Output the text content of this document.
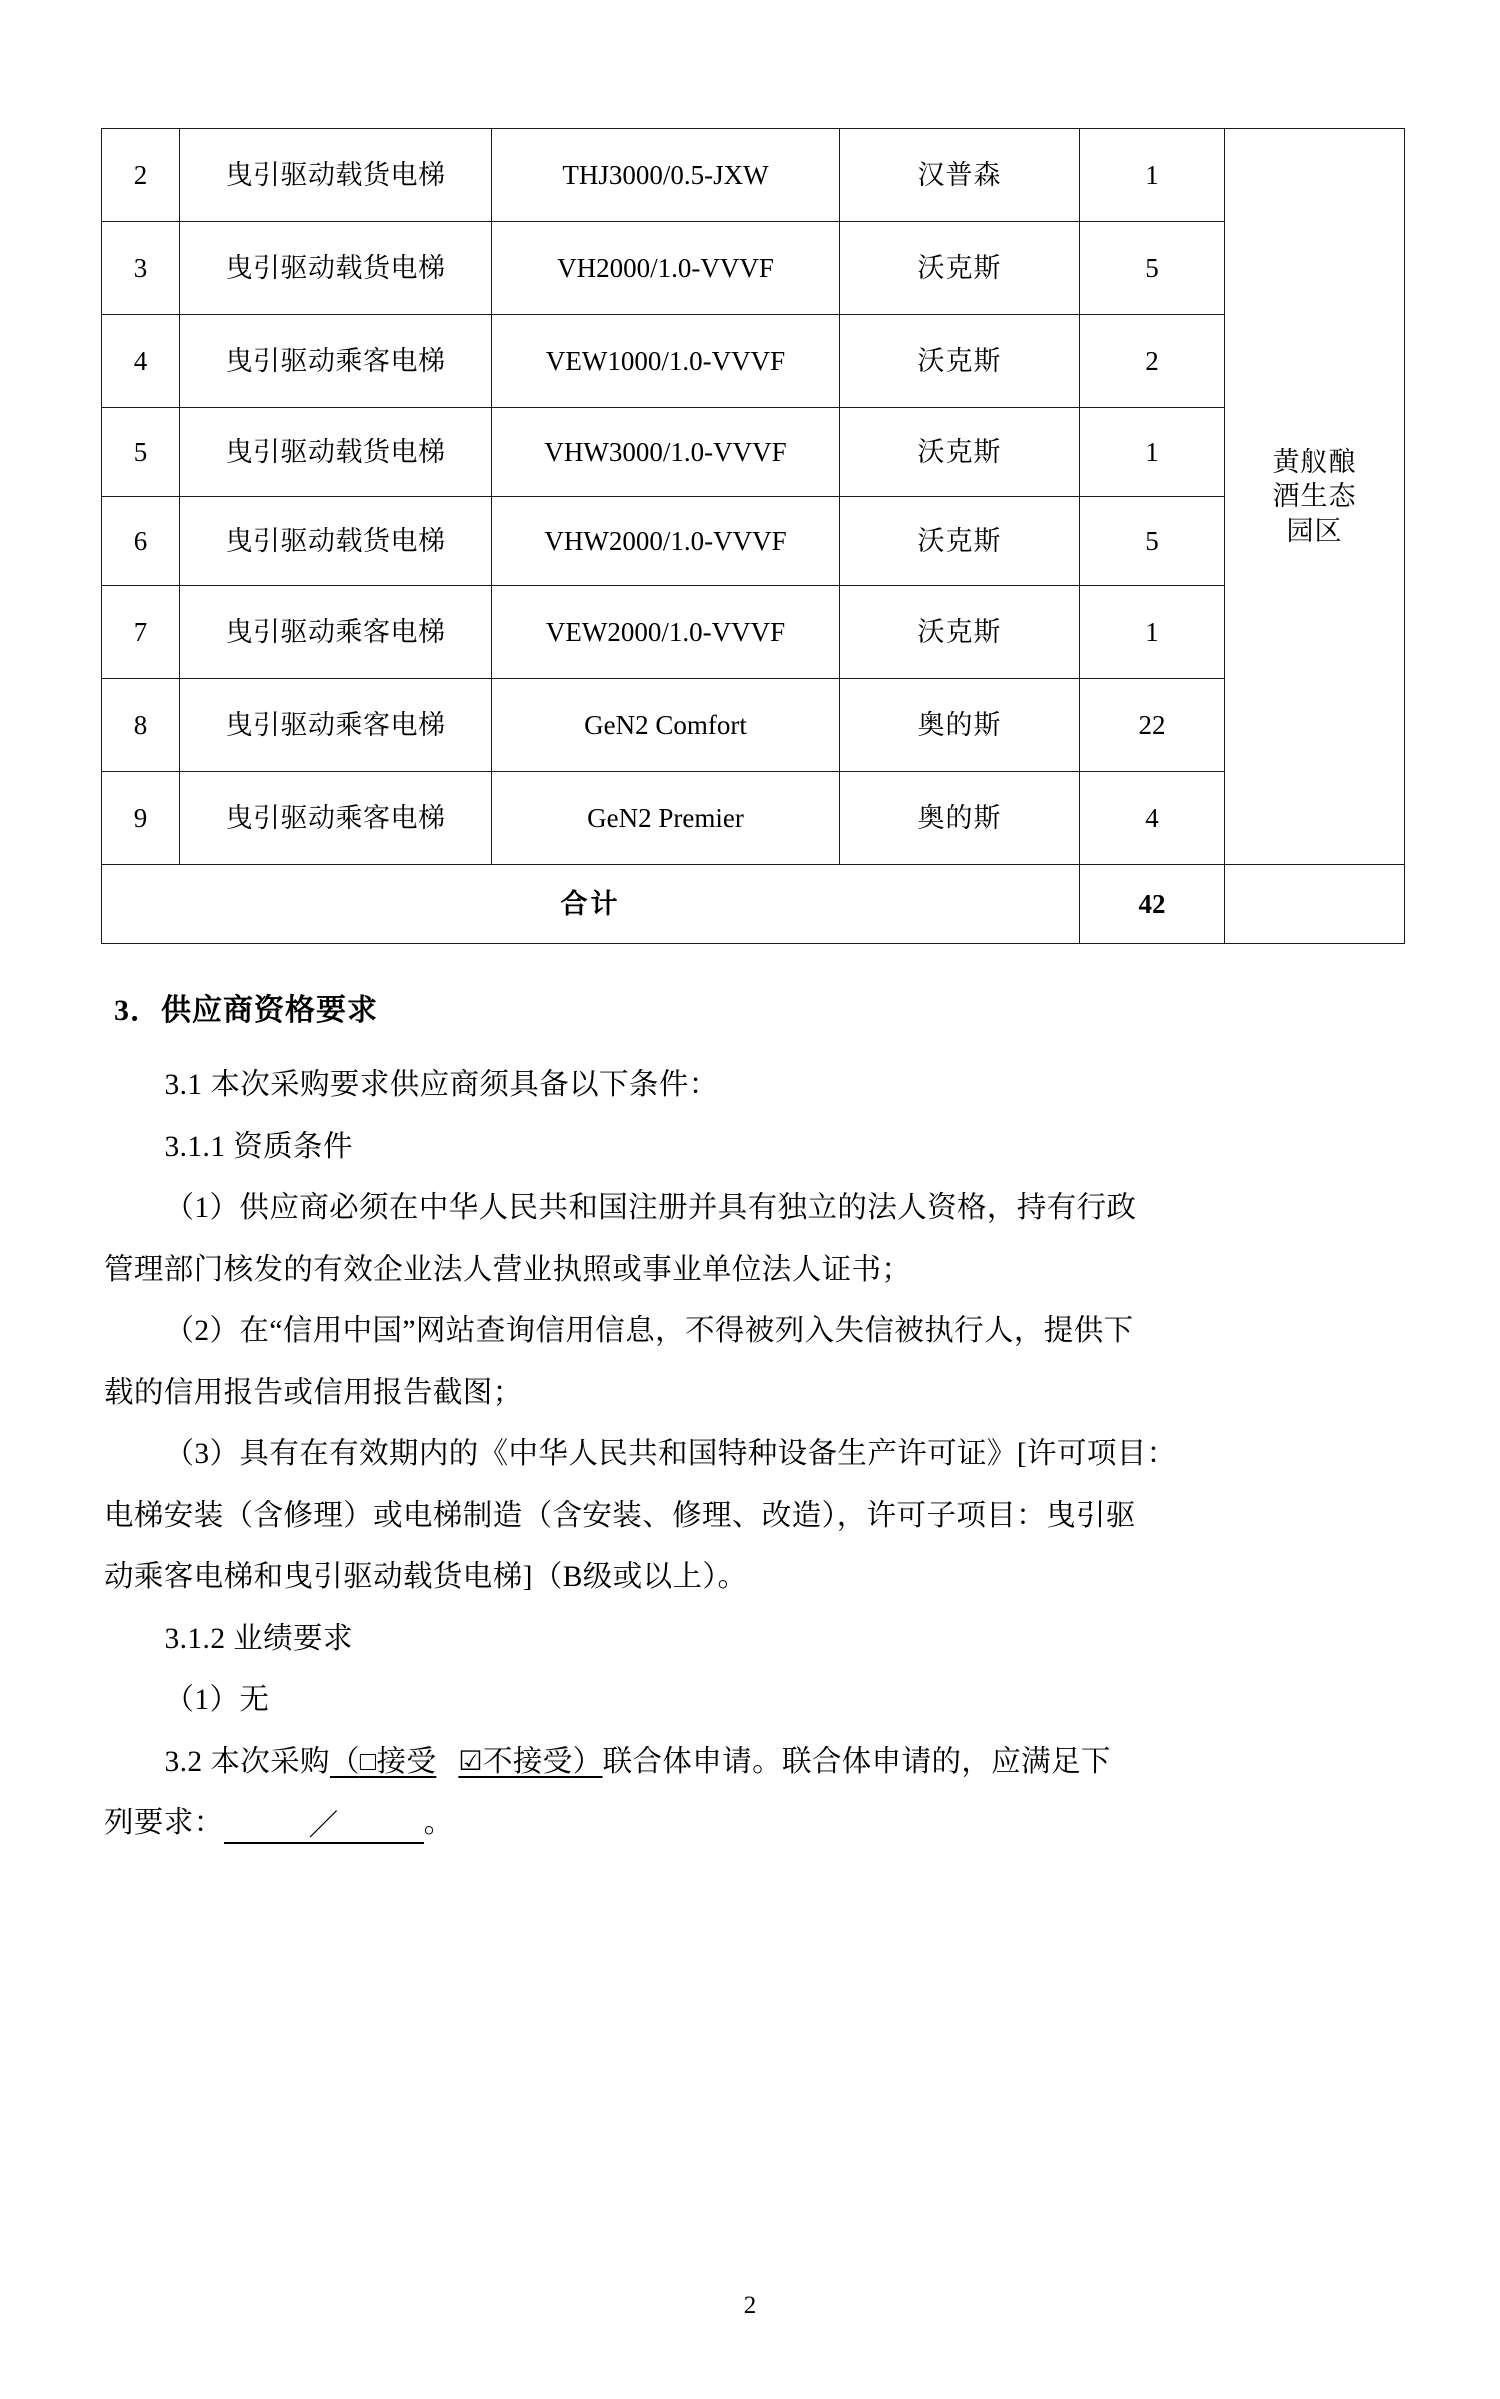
2	曳引驱动载货电梯	THJ3000/0.5-JXW	汉普森	1	黄舣酿
酒生态
园区

3	曳引驱动载货电梯	VH2000/1.0-VVVF	沃克斯	5	
4	曳引驱动乘客电梯	VEW1000/1.0-VVVF	沃克斯	2	
5	曳引驱动载货电梯	VHW3000/1.0-VVVF	沃克斯	1	
6	曳引驱动载货电梯	VHW2000/1.0-VVVF	沃克斯	5	
7	曳引驱动乘客电梯	VEW2000/1.0-VVVF	沃克斯	1	
8	曳引驱动乘客电梯	GeN2 Comfort	奥的斯	22	
9	曳引驱动乘客电梯	GeN2 Premier	奥的斯	4	
合计				42	
3．供应商资格要求

3.1 本次采购要求供应商须具备以下条件：

3.1.1 资质条件

（1）供应商必须在中华人民共和国注册并具有独立的法人资格，持有行政

管理部门核发的有效企业法人营业执照或事业单位法人证书；

（2）在“信用中国”网站查询信用信息，不得被列入失信被执行人，提供下

载的信用报告或信用报告截图；

（3）具有在有效期内的《中华人民共和国特种设备生产许可证》[许可项目：

电梯安装（含修理）或电梯制造（含安装、修理、改造），许可子项目：曳引驱

动乘客电梯和曳引驱动载货电梯]（B级或以上）。

3.1.2 业绩要求

（1）无

3.2 本次采购（□接受 ☑不接受）联合体申请。联合体申请的，应满足下

列要求：	／	。

2
